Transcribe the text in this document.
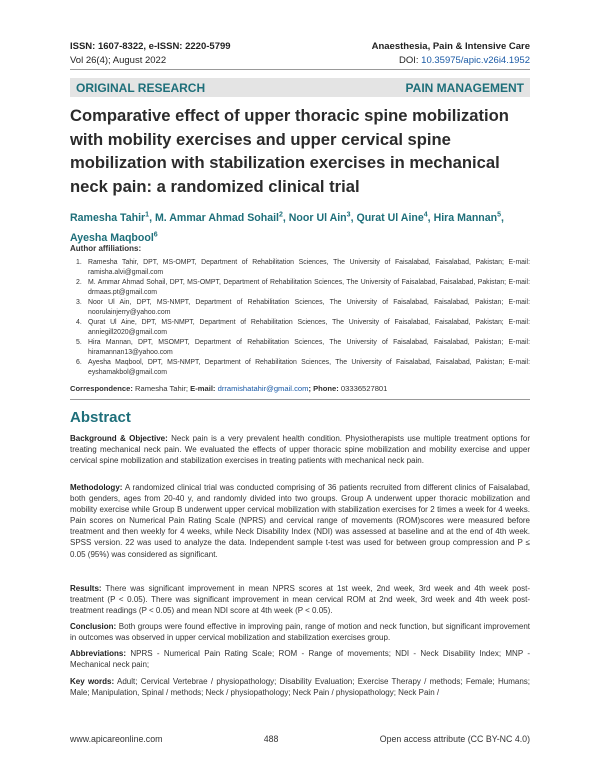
ISSN: 1607-8322, e-ISSN: 2220-5799	Anaesthesia, Pain & Intensive Care
Vol 26(4); August 2022	DOI: 10.35975/apic.v26i4.1952
ORIGINAL RESEARCH	PAIN MANAGEMENT
Comparative effect of upper thoracic spine mobilization with mobility exercises and upper cervical spine mobilization with stabilization exercises in mechanical neck pain: a randomized clinical trial
Ramesha Tahir$^1$, M. Ammar Ahmad Sohail$^2$, Noor Ul Ain$^3$, Qurat Ul Aine$^4$, Hira Mannan$^5$,
Ayesha Maqbool$^6$
Author affiliations:
1. Ramesha Tahir, DPT, MS-OMPT, Department of Rehabilitation Sciences, The University of Faisalabad, Faisalabad, Pakistan; E-mail: ramisha.alvi@gmail.com
2. M. Ammar Ahmad Sohail, DPT, MS-OMPT, Department of Rehabilitation Sciences, The University of Faisalabad, Faisalabad, Pakistan; E-mail: drmaas.pt@gmail.com
3. Noor Ul Ain, DPT, MS-NMPT, Department of Rehabilitation Sciences, The University of Faisalabad, Faisalabad, Pakistan; E-mail: noorulainjerry@yahoo.com
4. Qurat Ul Aine, DPT, MS-NMPT, Department of Rehabilitation Sciences, The University of Faisalabad, Faisalabad, Pakistan; E-mail: anniegill2020@gmail.com
5. Hira Mannan, DPT, MSOMPT, Department of Rehabilitation Sciences, The University of Faisalabad, Faisalabad, Pakistan; E-mail: hiramannan13@yahoo.com
6. Ayesha Maqbool, DPT, MS-NMPT, Department of Rehabilitation Sciences, The University of Faisalabad, Faisalabad, Pakistan; E-mail: eyshamakbol@gmail.com
Correspondence: Ramesha Tahir; E-mail: drramishatahir@gmail.com; Phone: 03336527801
Abstract

Background & Objective: Neck pain is a very prevalent health condition. Physiotherapists use multiple treatment options for treating mechanical neck pain. We evaluated the effects of upper thoracic spine mobilization and mobility exercise and upper cervical spine mobilization and stabilization exercises in treating patients with mechanical neck pain.

Methodology: A randomized clinical trial was conducted comprising of 36 patients recruited from different clinics of Faisalabad, both genders, ages from 20-40 y, and randomly divided into two groups. Group A underwent upper thoracic mobilization and mobility exercise while Group B underwent upper cervical mobilization with stabilization exercises for 2 times a week for 4 weeks. Pain scores on Numerical Pain Rating Scale (NPRS) and cervical range of movements (ROM)scores were measured before treatment and then weekly for 4 weeks, while Neck Disability Index (NDI) was assessed at baseline and at the end of 4th week. SPSS version. 22 was used to analyze the data. Independent sample t-test was used for between group compression and P ≤ 0.05 (95%) was considered as significant.

Results: There was significant improvement in mean NPRS scores at 1st week, 2nd week, 3rd week and 4th week post-treatment (P < 0.05). There was significant improvement in mean cervical ROM at 2nd week, 3rd week and 4th week post-treatment readings (P < 0.05) and mean NDI score at 4th week (P < 0.05).

Conclusion: Both groups were found effective in improving pain, range of motion and neck function, but significant improvement in outcomes was observed in upper cervical mobilization and stabilization exercises group.

Abbreviations: NPRS - Numerical Pain Rating Scale; ROM - Range of movements; NDI - Neck Disability Index; MNP - Mechanical neck pain;

Key words: Adult; Cervical Vertebrae / physiopathology; Disability Evaluation; Exercise Therapy / methods; Female; Humans; Male; Manipulation, Spinal / methods; Neck / physiopathology; Neck Pain / physiopathology; Neck Pain /

www.apicareonline.com	488	Open access attribute (CC BY-NC 4.0)
